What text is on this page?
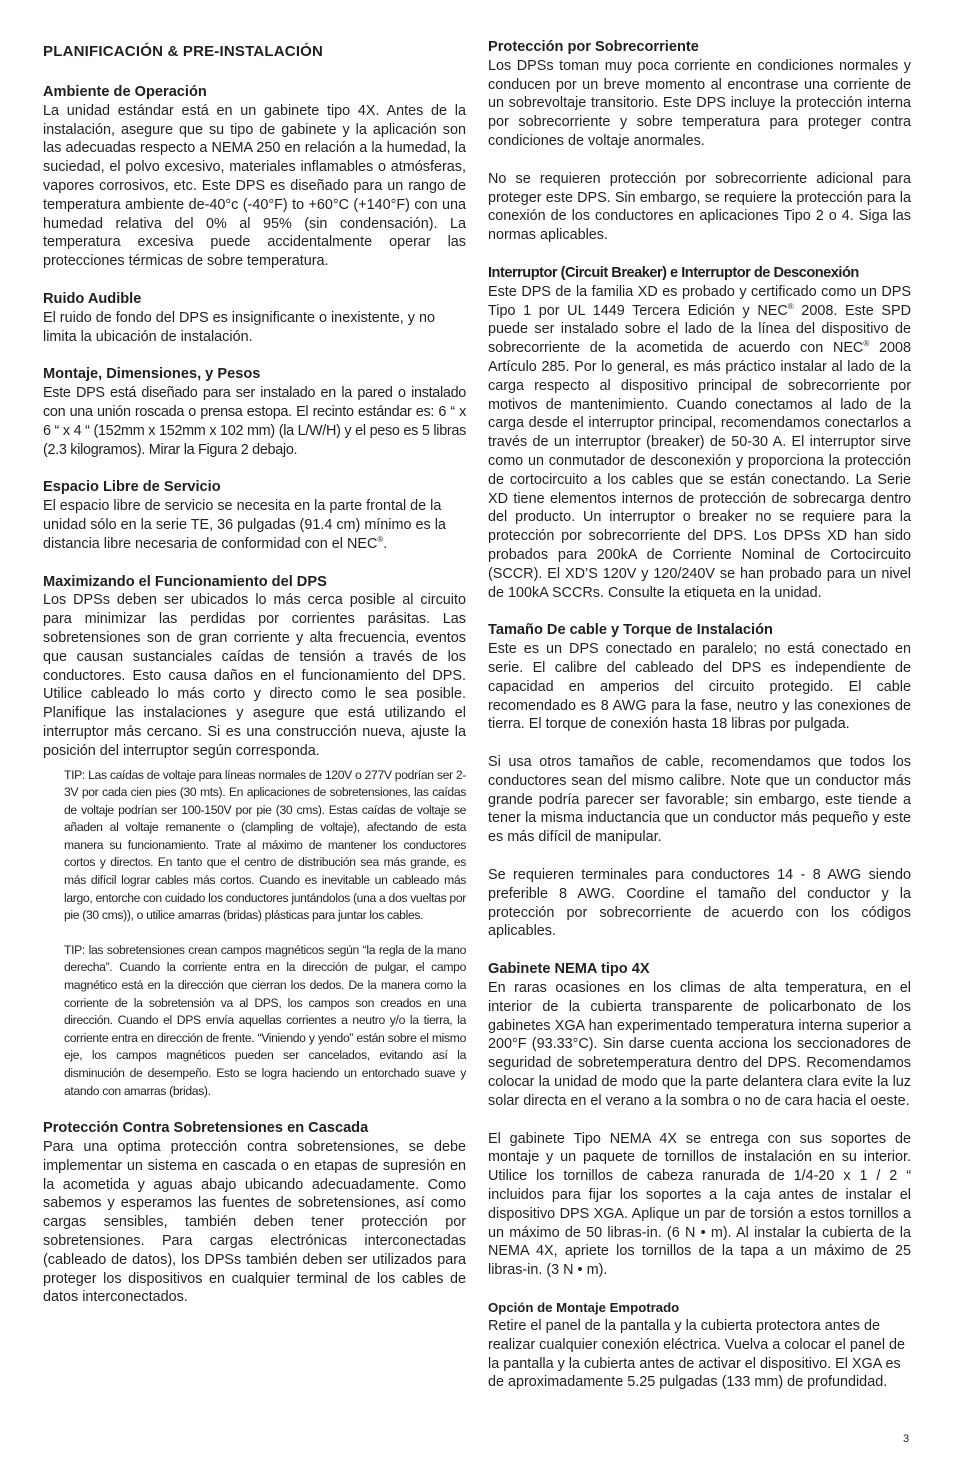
PLANIFICACIÓN & PRE-INSTALACIÓN
Ambiente de Operación

La unidad estándar está en un gabinete tipo 4X. Antes de la instalación, asegure que su tipo de gabinete y la aplicación son las adecuadas respecto a NEMA 250 en relación a la humedad, la suciedad, el polvo excesivo, materiales inflamables o atmósferas, vapores corrosivos, etc. Este DPS es diseñado para un rango de temperatura ambiente de-40°c (-40°F) to +60°C (+140°F) con una humedad relativa del 0% al 95% (sin condensación). La temperatura excesiva puede accidentalmente operar las protecciones térmicas de sobre temperatura.

Ruido Audible

El ruido de fondo del DPS es insignificante o inexistente, y no limita la ubicación de instalación.

Montaje, Dimensiones, y Pesos

Este DPS está diseñado para ser instalado en la pared o instalado con una unión roscada o prensa estopa. El recinto estándar es: 6 “ x 6 “ x 4 “ (152mm x 152mm x 102 mm) (la L/W/H) y el peso es 5 libras (2.3 kilogramos). Mirar la Figura 2 debajo.

Espacio Libre de Servicio

El espacio libre de servicio se necesita en la parte frontal de la unidad sólo en la serie TE, 36 pulgadas (91.4 cm) mínimo es la distancia libre necesaria de conformidad con el NEC®.

Maximizando el Funcionamiento del DPS

Los DPSs deben ser ubicados lo más cerca posible al circuito para minimizar las perdidas por corrientes parásitas. Las sobretensiones son de gran corriente y alta frecuencia, eventos que causan sustanciales caídas de tensión a través de los conductores. Esto causa daños en el funcionamiento del DPS. Utilice cableado lo más corto y directo como le sea posible. Planifique las instalaciones y asegure que está utilizando el interruptor más cercano. Si es una construcción nueva, ajuste la posición del interruptor según corresponda.

TIP: Las caídas de voltaje para líneas normales de 120V o 277V podrían ser 2-3V por cada cien pies (30 mts). En aplicaciones de sobretensiones, las caídas de voltaje podrían ser 100-150V por pie (30 cms). Estas caídas de voltaje se añaden al voltaje remanente o (clampling de voltaje), afectando de esta manera su funcionamiento. Trate al máximo de mantener los conductores cortos y directos. En tanto que el centro de distribución sea más grande, es más difícil lograr cables más cortos. Cuando es inevitable un cableado más largo, entorche con cuidado los conductores juntándolos (una a dos vueltas por pie (30 cms)), o utilice amarras (bridas) plásticas para juntar los cables.
TIP: las sobretensiones crean campos magnéticos según “la regla de la mano derecha”. Cuando la corriente entra en la dirección de pulgar, el campo magnético está en la dirección que cierran los dedos. De la manera como la corriente de la sobretensión va al DPS, los campos son creados en una dirección. Cuando el DPS envía aquellas corrientes a neutro y/o la tierra, la corriente entra en dirección de frente. “Viniendo y yendo” están sobre el mismo eje, los campos magnéticos pueden ser cancelados, evitando así la disminución de desempeño. Esto se logra haciendo un entorchado suave y atando con amarras (bridas).
Protección Contra Sobretensiones en Cascada

Para una optima protección contra sobretensiones, se debe implementar un sistema en cascada o en etapas de supresión en la acometida y aguas abajo ubicando adecuadamente. Como sabemos y esperamos las fuentes de sobretensiones, así como cargas sensibles, también deben tener protección por sobretensiones. Para cargas electrónicas interconectadas (cableado de datos), los DPSs también deben ser utilizados para proteger los dispositivos en cualquier terminal de los cables de datos interconectados.

Protección por Sobrecorriente

Los DPSs toman muy poca corriente en condiciones normales y conducen por un breve momento al encontrase una corriente de un sobrevoltaje transitorio. Este DPS incluye la protección interna por sobrecorriente y sobre temperatura para proteger contra condiciones de voltaje anormales.

No se requieren protección por sobrecorriente adicional para proteger este DPS. Sin embargo, se requiere la protección para la conexión de los conductores en aplicaciones Tipo 2 o 4. Siga las normas aplicables.

Interruptor (Circuit Breaker) e Interruptor de Desconexión

Este DPS de la familia XD es probado y certificado como un DPS Tipo 1 por UL 1449 Tercera Edición y NEC® 2008. Este SPD puede ser instalado sobre el lado de la línea del dispositivo de sobrecorriente de la acometida de acuerdo con NEC® 2008 Artículo 285. Por lo general, es más práctico instalar al lado de la carga respecto al dispositivo principal de sobrecorriente por motivos de mantenimiento. Cuando conectamos al lado de la carga desde el interruptor principal, recomendamos conectarlos a través de un interruptor (breaker) de 50-30 A. El interruptor sirve como un conmutador de desconexión y proporciona la protección de cortocircuito a los cables que se están conectando. La Serie XD tiene elementos internos de protección de sobrecarga dentro del producto. Un interruptor o breaker no se requiere para la protección por sobrecorriente del DPS. Los DPSs XD han sido probados para 200kA de Corriente Nominal de Cortocircuito (SCCR). El XD’S 120V y 120/240V se han probado para un nivel de 100kA SCCRs. Consulte la etiqueta en la unidad.

Tamaño De cable y Torque de Instalación

Este es un DPS conectado en paralelo; no está conectado en serie. El calibre del cableado del DPS es independiente de capacidad en amperios del circuito protegido. El cable recomendado es 8 AWG para la fase, neutro y las conexiones de tierra. El torque de conexión hasta 18 libras por pulgada.

Si usa otros tamaños de cable, recomendamos que todos los conductores sean del mismo calibre. Note que un conductor más grande podría parecer ser favorable; sin embargo, este tiende a tener la misma inductancia que un conductor más pequeño y este es más difícil de manipular.

Se requieren terminales para conductores 14 - 8 AWG siendo preferible 8 AWG. Coordine el tamaño del conductor y la protección por sobrecorriente de acuerdo con los códigos aplicables.

Gabinete NEMA tipo 4X

En raras ocasiones en los climas de alta temperatura, en el interior de la cubierta transparente de policarbonato de los gabinetes XGA han experimentado temperatura interna superior a 200°F (93.33°C). Sin darse cuenta acciona los seccionadores de seguridad de sobretemperatura dentro del DPS. Recomendamos colocar la unidad de modo que la parte delantera clara evite la luz solar directa en el verano a la sombra o no de cara hacia el oeste.

El gabinete Tipo NEMA 4X se entrega con sus soportes de montaje y un paquete de tornillos de instalación en su interior. Utilice los tornillos de cabeza ranurada de 1/4-20 x 1 / 2 “ incluidos para fijar los soportes a la caja antes de instalar el dispositivo DPS XGA. Aplique un par de torsión a estos tornillos a un máximo de 50 libras-in. (6 N • m). Al instalar la cubierta de la NEMA 4X, apriete los tornillos de la tapa a un máximo de 25 libras-in. (3 N • m).

Opción de Montaje Empotrado

Retire el panel de la pantalla y la cubierta protectora antes de realizar cualquier conexión eléctrica. Vuelva a colocar el panel de la pantalla y la cubierta antes de activar el dispositivo. El XGA es de aproximadamente 5.25 pulgadas (133 mm) de profundidad.

3
